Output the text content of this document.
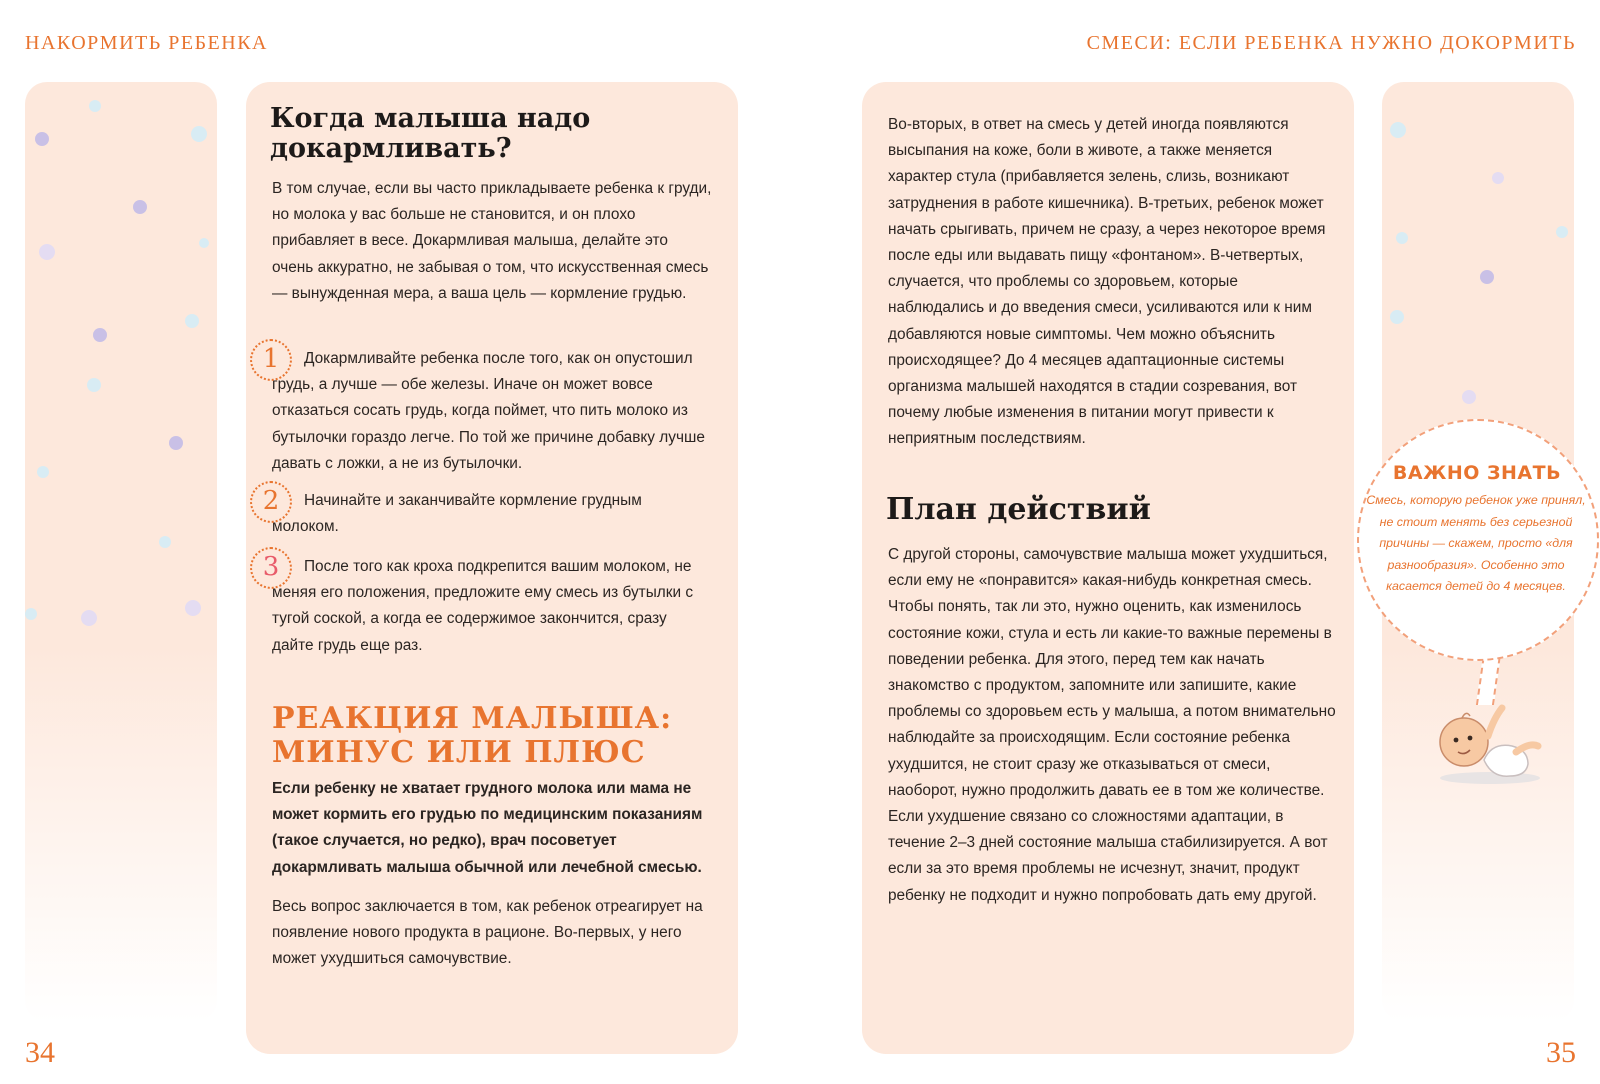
НАКОРМИТЬ РЕБЕНКА	СМЕСИ: ЕСЛИ РЕБЕНКА НУЖНО ДОКОРМИТЬ
Когда малыша надо докармливать?

В том случае, если вы часто прикладываете ребенка к груди, но молока у вас больше не становится, и он плохо прибавляет в весе. Докармливая малыша, делайте это очень аккуратно, не забывая о том, что искусственная смесь — вынужденная мера, а ваша цель — кормление грудью.

1	Докармливайте ребенка после того, как он опустошил грудь, а лучше — обе железы. Иначе он может вовсе отказаться сосать грудь, когда поймет, что пить молоко из бутылочки гораздо легче. По той же причине добавку лучше давать с ложки, а не из бутылочки.

2	Начинайте и заканчивайте кормление грудным молоком.

3	После того как кроха подкрепится вашим молоком, не меняя его положения, предложите ему смесь из бутылки с тугой соской, а когда ее содержимое закончится, сразу дайте грудь еще раз.

РЕАКЦИЯ МАЛЫША: МИНУС ИЛИ ПЛЮС

Если ребенку не хватает грудного молока или мама не может кормить его грудью по медицинским показаниям (такое случается, но редко), врач посоветует докармливать малыша обычной или лечебной смесью.

Весь вопрос заключается в том, как ребенок отреагирует на появление нового продукта в рационе. Во-первых, у него может ухудшиться самочувствие.

Во-вторых, в ответ на смесь у детей иногда появляются высыпания на коже, боли в животе, а также меняется характер стула (прибавляется зелень, слизь, возникают затруднения в работе кишечника). В-третьих, ребенок может начать срыгивать, причем не сразу, а через некоторое время после еды или выдавать пищу «фонтаном». В-четвертых, случается, что проблемы со здоровьем, которые наблюдались и до введения смеси, усиливаются или к ним добавляются новые симптомы. Чем можно объяснить происходящее? До 4 месяцев адаптационные системы организма малышей находятся в стадии созревания, вот почему любые изменения в питании могут привести к неприятным последствиям.

План действий

С другой стороны, самочувствие малыша может ухудшиться, если ему не «понравится» какая-нибудь конкретная смесь. Чтобы понять, так ли это, нужно оценить, как изменилось состояние кожи, стула и есть ли какие-то важные перемены в поведении ребенка. Для этого, перед тем как начать знакомство с продуктом, запомните или запишите, какие проблемы со здоровьем есть у малыша, а потом внимательно наблюдайте за происходящим. Если состояние ребенка ухудшится, не стоит сразу же отказываться от смеси, наоборот, нужно продолжить давать ее в том же количестве. Если ухудшение связано со сложностями адаптации, в течение 2–3 дней состояние малыша стабилизируется. А вот если за это время проблемы не исчезнут, значит, продукт ребенку не подходит и нужно попробовать дать ему другой.

ВАЖНО ЗНАТЬ
Смесь, которую ребенок уже принял, не стоит менять без серьезной причины — скажем, просто «для разнообразия». Особенно это касается детей до 4 месяцев.
34	35
